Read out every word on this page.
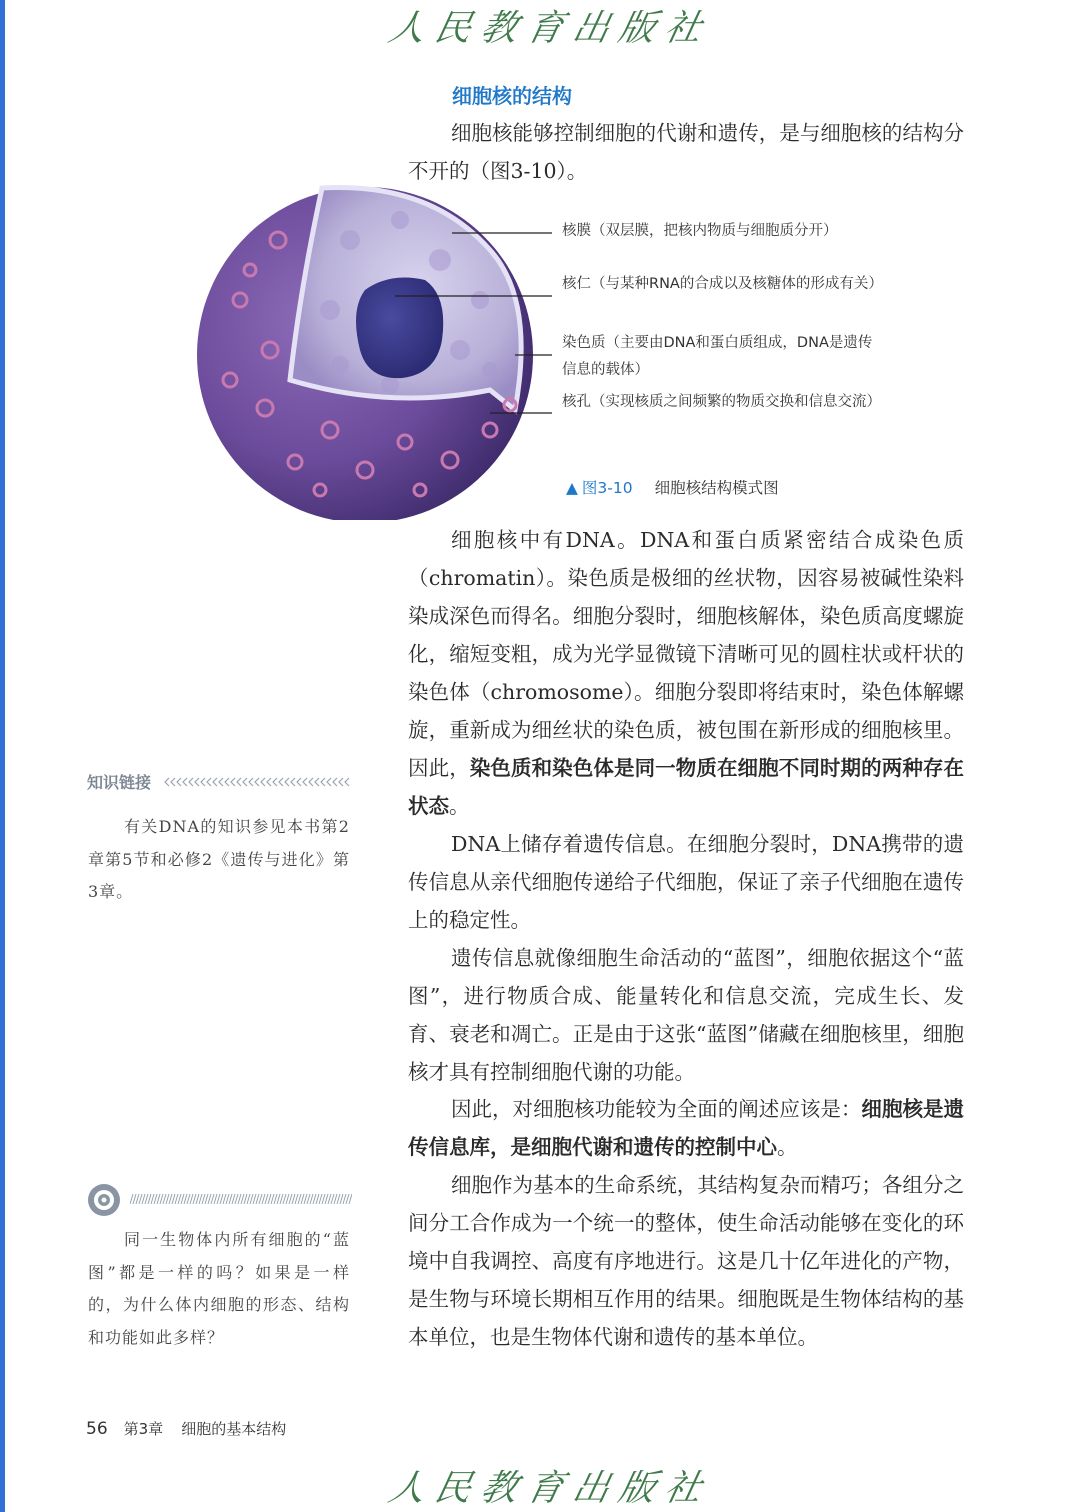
人民教育出版社
细胞核的结构

细胞核能够控制细胞的代谢和遗传，是与细胞核的结构分不开的（图3-10）。

核膜（双层膜，把核内物质与细胞质分开）
核仁（与某种RNA的合成以及核糖体的形成有关）
染色质（主要由DNA和蛋白质组成，DNA是遗传信息的载体）
核孔（实现核质之间频繁的物质交换和信息交流）
▲ 图3-10 细胞核结构模式图

细胞核中有DNA。DNA和蛋白质紧密结合成染色质（chromatin）。染色质是极细的丝状物，因容易被碱性染料染成深色而得名。细胞分裂时，细胞核解体，染色质高度螺旋化，缩短变粗，成为光学显微镜下清晰可见的圆柱状或杆状的染色体（chromosome）。细胞分裂即将结束时，染色体解螺旋，重新成为细丝状的染色质，被包围在新形成的细胞核里。因此，染色质和染色体是同一物质在细胞不同时期的两种存在状态。

DNA上储存着遗传信息。在细胞分裂时，DNA携带的遗传信息从亲代细胞传递给子代细胞，保证了亲子代细胞在遗传上的稳定性。

遗传信息就像细胞生命活动的“蓝图”，细胞依据这个“蓝图”，进行物质合成、能量转化和信息交流，完成生长、发育、衰老和凋亡。正是由于这张“蓝图”储藏在细胞核里，细胞核才具有控制细胞代谢的功能。

因此，对细胞核功能较为全面的阐述应该是：细胞核是遗传信息库，是细胞代谢和遗传的控制中心。

细胞作为基本的生命系统，其结构复杂而精巧；各组分之间分工合作成为一个统一的整体，使生命活动能够在变化的环境中自我调控、高度有序地进行。这是几十亿年进化的产物，是生物与环境长期相互作用的结果。细胞既是生物体结构的基本单位，也是生物体代谢和遗传的基本单位。

知识链接

有关DNA的知识参见本书第2章第5节和必修2《遗传与进化》第3章。

同一生物体内所有细胞的“蓝图”都是一样的吗？如果是一样的，为什么体内细胞的形态、结构和功能如此多样？

56 第3章 细胞的基本结构
人民教育出版社
